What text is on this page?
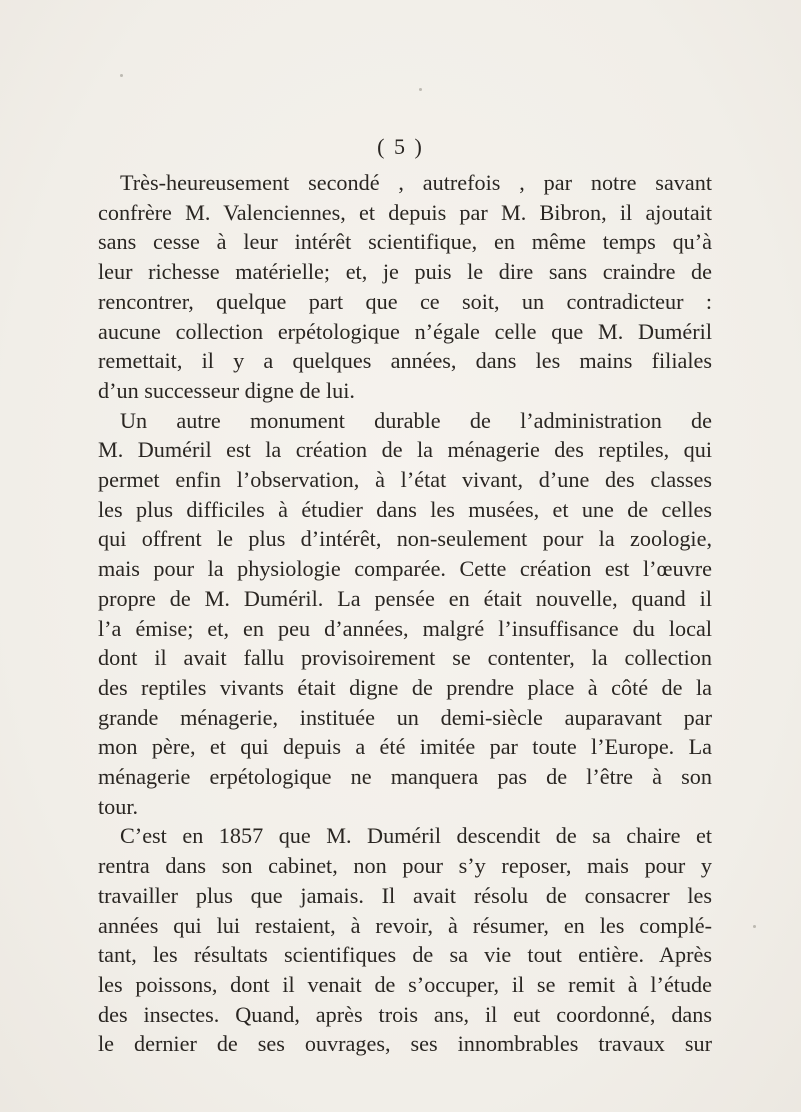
( 5 )

Très-heureusement secondé , autrefois , par notre savant
confrère M. Valenciennes, et depuis par M. Bibron, il ajoutait
sans cesse à leur intérêt scientifique, en même temps qu’à
leur richesse matérielle; et, je puis le dire sans craindre de
rencontrer, quelque part que ce soit, un contradicteur :
aucune collection erpétologique n’égale celle que M. Duméril
remettait, il y a quelques années, dans les mains filiales
d’un successeur digne de lui.

Un autre monument durable de l’administration de
M. Duméril est la création de la ménagerie des reptiles, qui
permet enfin l’observation, à l’état vivant, d’une des classes
les plus difficiles à étudier dans les musées, et une de celles
qui offrent le plus d’intérêt, non-seulement pour la zoologie,
mais pour la physiologie comparée. Cette création est l’œuvre
propre de M. Duméril. La pensée en était nouvelle, quand il
l’a émise; et, en peu d’années, malgré l’insuffisance du local
dont il avait fallu provisoirement se contenter, la collection
des reptiles vivants était digne de prendre place à côté de la
grande ménagerie, instituée un demi-siècle auparavant par
mon père, et qui depuis a été imitée par toute l’Europe. La
ménagerie erpétologique ne manquera pas de l’être à son
tour.

C’est en 1857 que M. Duméril descendit de sa chaire et
rentra dans son cabinet, non pour s’y reposer, mais pour y
travailler plus que jamais. Il avait résolu de consacrer les
années qui lui restaient, à revoir, à résumer, en les complé-
tant, les résultats scientifiques de sa vie tout entière. Après
les poissons, dont il venait de s’occuper, il se remit à l’étude
des insectes. Quand, après trois ans, il eut coordonné, dans
le dernier de ses ouvrages, ses innombrables travaux sur
